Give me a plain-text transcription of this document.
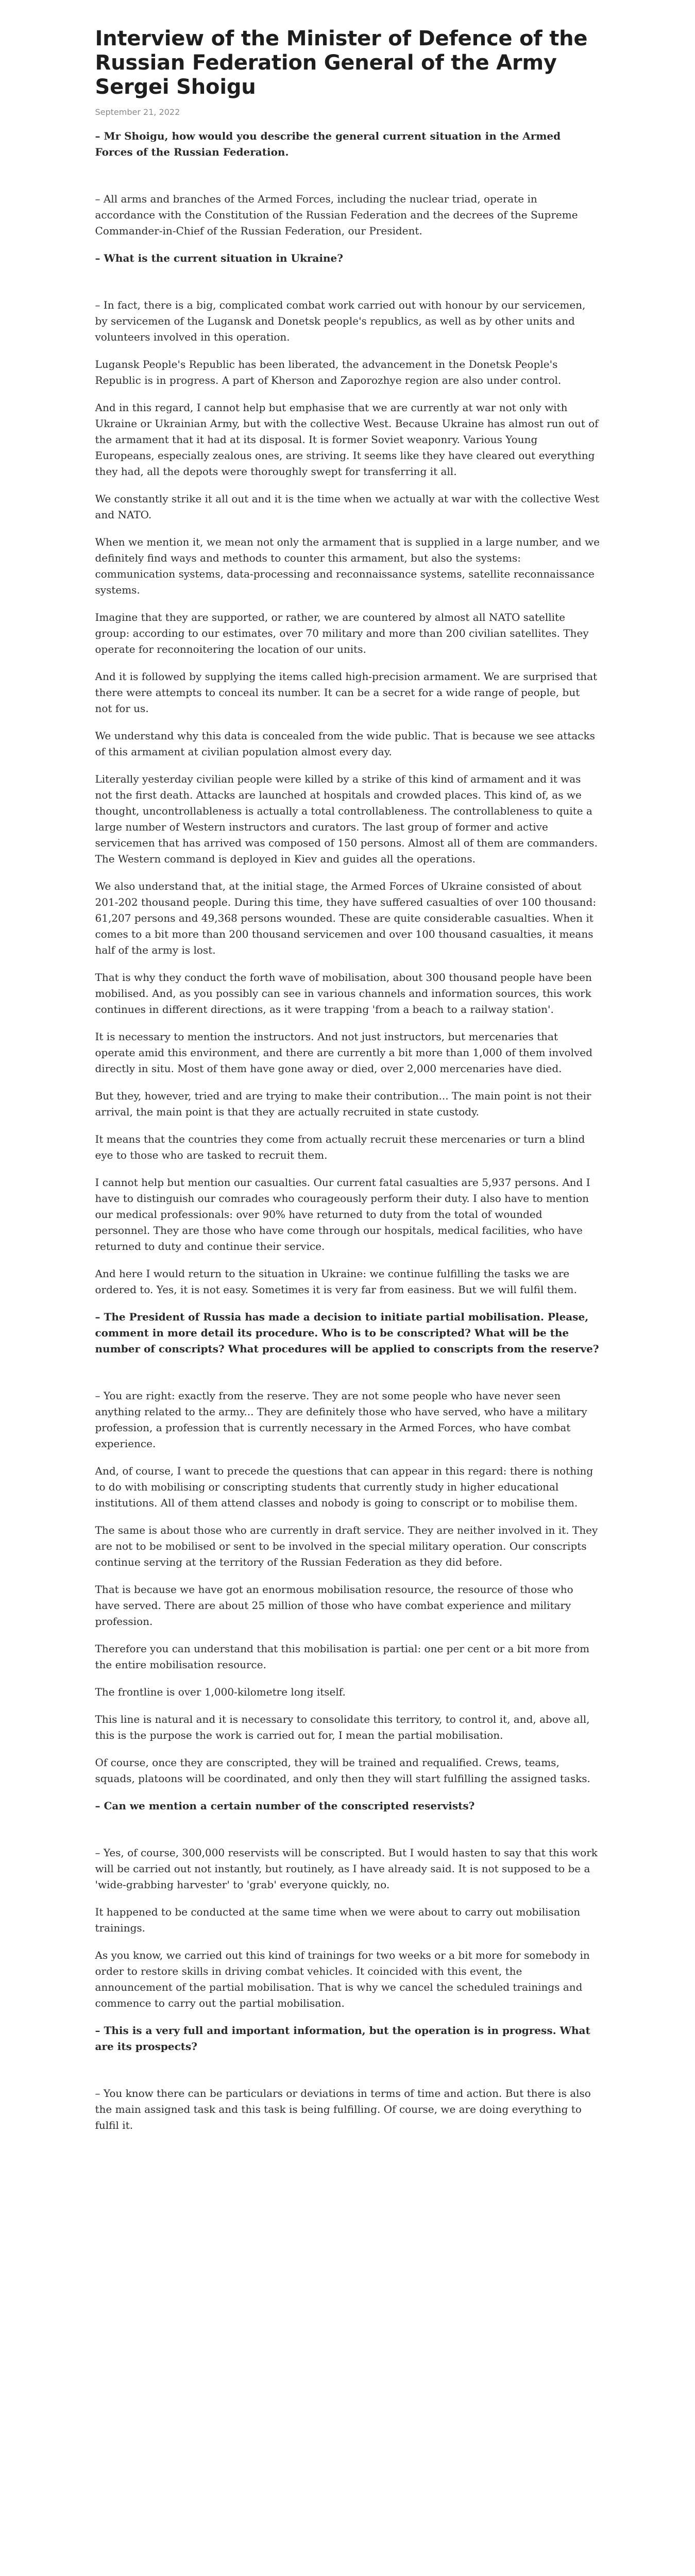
Interview of the Minister of Defence of the Russian Federation General of the Army Sergei Shoigu
September 21, 2022

– Mr Shoigu, how would you describe the general current situation in the Armed Forces of the Russian Federation.

– All arms and branches of the Armed Forces, including the nuclear triad, operate in accordance with the Constitution of the Russian Federation and the decrees of the Supreme Commander-in-Chief of the Russian Federation, our President.

– What is the current situation in Ukraine?

– In fact, there is a big, complicated combat work carried out with honour by our servicemen, by servicemen of the Lugansk and Donetsk people's republics, as well as by other units and volunteers involved in this operation.

Lugansk People's Republic has been liberated, the advancement in the Donetsk People's Republic is in progress. A part of Kherson and Zaporozhye region are also under control.

And in this regard, I cannot help but emphasise that we are currently at war not only with Ukraine or Ukrainian Army, but with the collective West. Because Ukraine has almost run out of the armament that it had at its disposal. It is former Soviet weaponry. Various Young Europeans, especially zealous ones, are striving. It seems like they have cleared out everything they had, all the depots were thoroughly swept for transferring it all.

We constantly strike it all out and it is the time when we actually at war with the collective West and NATO.

When we mention it, we mean not only the armament that is supplied in a large number, and we definitely find ways and methods to counter this armament, but also the systems: communication systems, data-processing and reconnaissance systems, satellite reconnaissance systems.

Imagine that they are supported, or rather, we are countered by almost all NATO satellite group: according to our estimates, over 70 military and more than 200 civilian satellites. They operate for reconnoitering the location of our units.

And it is followed by supplying the items called high-precision armament. We are surprised that there were attempts to conceal its number. It can be a secret for a wide range of people, but not for us.

We understand why this data is concealed from the wide public. That is because we see attacks of this armament at civilian population almost every day.

Literally yesterday civilian people were killed by a strike of this kind of armament and it was not the first death. Attacks are launched at hospitals and crowded places. This kind of, as we thought, uncontrollableness is actually a total controllableness. The controllableness to quite a large number of Western instructors and curators. The last group of former and active servicemen that has arrived was composed of 150 persons. Almost all of them are commanders. The Western command is deployed in Kiev and guides all the operations.

We also understand that, at the initial stage, the Armed Forces of Ukraine consisted of about 201-202 thousand people. During this time, they have suffered casualties of over 100 thousand: 61,207 persons and 49,368 persons wounded. These are quite considerable casualties. When it comes to a bit more than 200 thousand servicemen and over 100 thousand casualties, it means half of the army is lost.

That is why they conduct the forth wave of mobilisation, about 300 thousand people have been mobilised. And, as you possibly can see in various channels and information sources, this work continues in different directions, as it were trapping 'from a beach to a railway station'.

It is necessary to mention the instructors. And not just instructors, but mercenaries that operate amid this environment, and there are currently a bit more than 1,000 of them involved directly in situ. Most of them have gone away or died, over 2,000 mercenaries have died.

But they, however, tried and are trying to make their contribution... The main point is not their arrival, the main point is that they are actually recruited in state custody.

It means that the countries they come from actually recruit these mercenaries or turn a blind eye to those who are tasked to recruit them.

I cannot help but mention our casualties. Our current fatal casualties are 5,937 persons. And I have to distinguish our comrades who courageously perform their duty. I also have to mention our medical professionals: over 90% have returned to duty from the total of wounded personnel. They are those who have come through our hospitals, medical facilities, who have returned to duty and continue their service.

And here I would return to the situation in Ukraine: we continue fulfilling the tasks we are ordered to. Yes, it is not easy. Sometimes it is very far from easiness. But we will fulfil them.

– The President of Russia has made a decision to initiate partial mobilisation. Please, comment in more detail its procedure. Who is to be conscripted? What will be the number of conscripts? What procedures will be applied to conscripts from the reserve?

– You are right: exactly from the reserve. They are not some people who have never seen anything related to the army... They are definitely those who have served, who have a military profession, a profession that is currently necessary in the Armed Forces, who have combat experience.

And, of course, I want to precede the questions that can appear in this regard: there is nothing to do with mobilising or conscripting students that currently study in higher educational institutions. All of them attend classes and nobody is going to conscript or to mobilise them.

The same is about those who are currently in draft service. They are neither involved in it. They are not to be mobilised or sent to be involved in the special military operation. Our conscripts continue serving at the territory of the Russian Federation as they did before.

That is because we have got an enormous mobilisation resource, the resource of those who have served. There are about 25 million of those who have combat experience and military profession.

Therefore you can understand that this mobilisation is partial: one per cent or a bit more from the entire mobilisation resource.

The frontline is over 1,000-kilometre long itself.

This line is natural and it is necessary to consolidate this territory, to control it, and, above all, this is the purpose the work is carried out for, I mean the partial mobilisation.

Of course, once they are conscripted, they will be trained and requalified. Crews, teams, squads, platoons will be coordinated, and only then they will start fulfilling the assigned tasks.

– Can we mention a certain number of the conscripted reservists?

– Yes, of course, 300,000 reservists will be conscripted. But I would hasten to say that this work will be carried out not instantly, but routinely, as I have already said. It is not supposed to be a 'wide-grabbing harvester' to 'grab' everyone quickly, no.

It happened to be conducted at the same time when we were about to carry out mobilisation trainings.

As you know, we carried out this kind of trainings for two weeks or a bit more for somebody in order to restore skills in driving combat vehicles. It coincided with this event, the announcement of the partial mobilisation. That is why we cancel the scheduled trainings and commence to carry out the partial mobilisation.

– This is a very full and important information, but the operation is in progress. What are its prospects?

– You know there can be particulars or deviations in terms of time and action. But there is also the main assigned task and this task is being fulfilling. Of course, we are doing everything to fulfil it.
